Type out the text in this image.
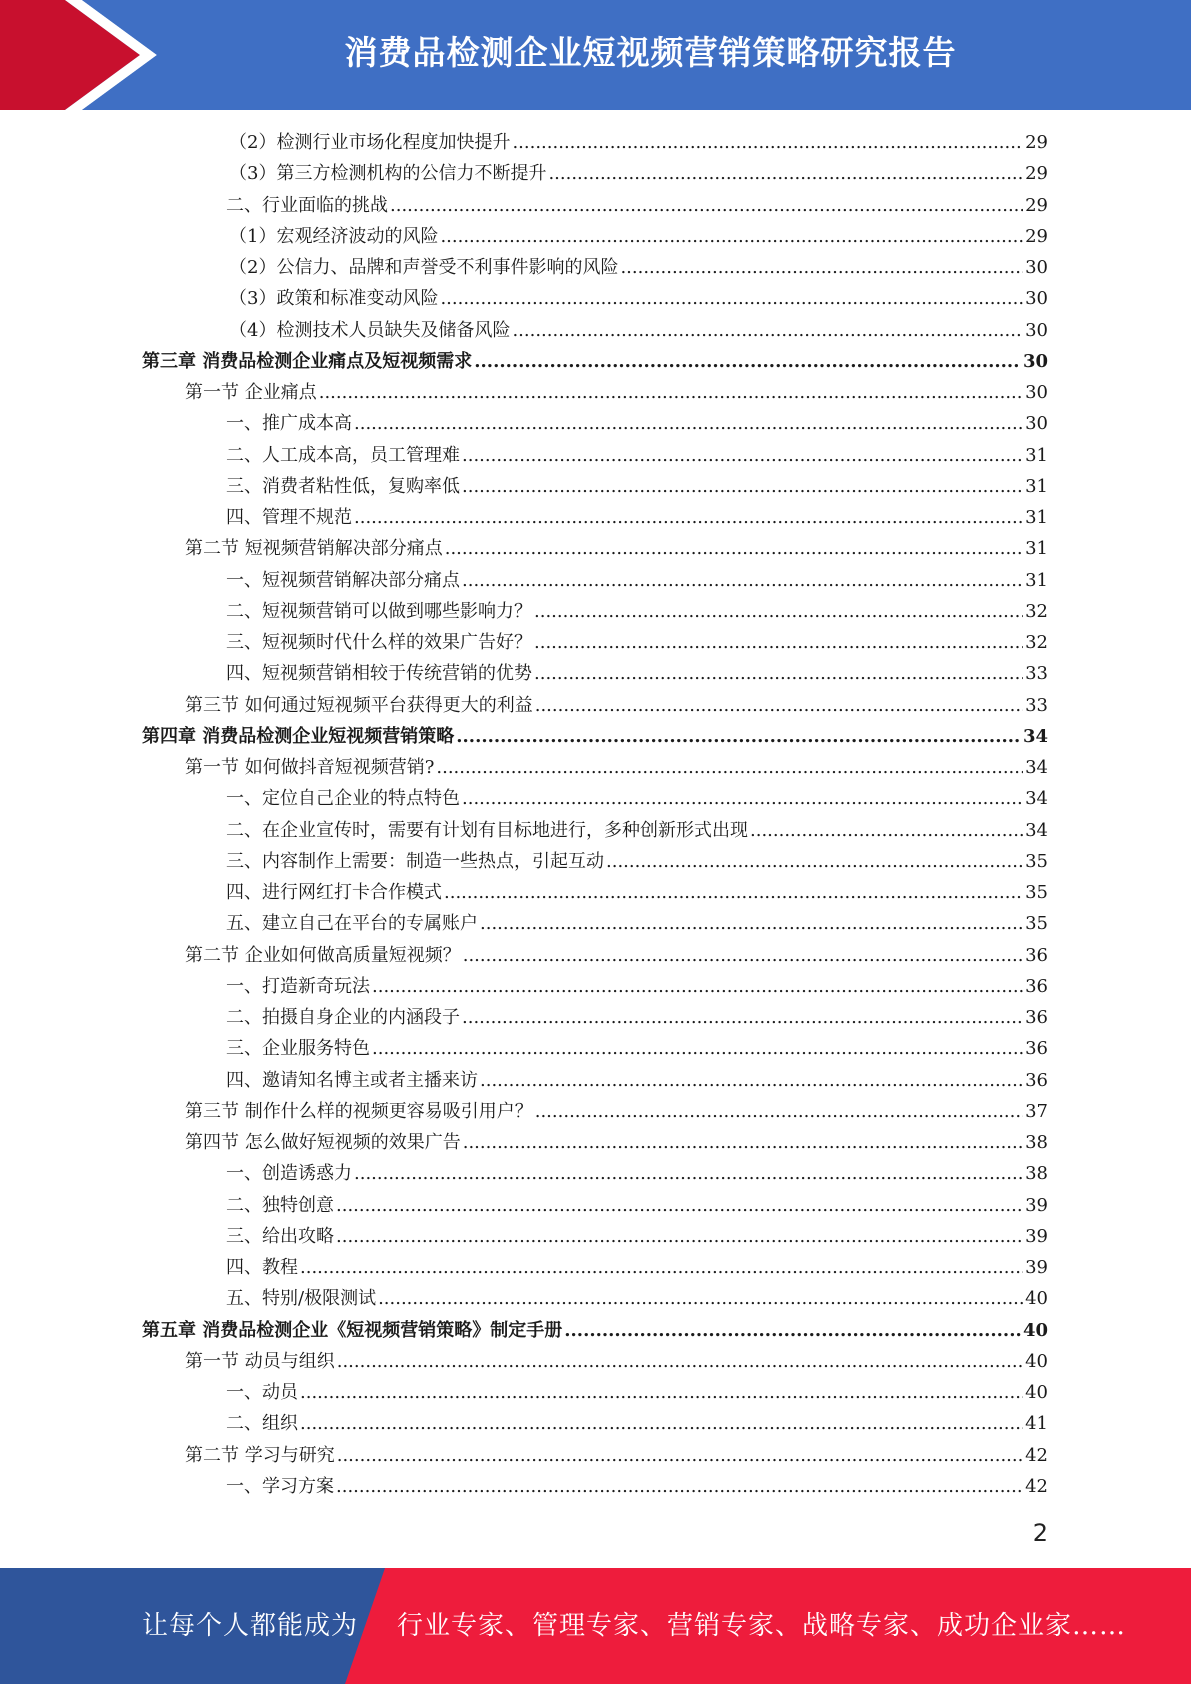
消费品检测企业短视频营销策略研究报告
（2）检测行业市场化程度加快提升 .....	29
（3）第三方检测机构的公信力不断提升 .....	29
二、行业面临的挑战 .....	29
（1）宏观经济波动的风险 .....	29
（2）公信力、品牌和声誉受不利事件影响的风险 .....	30
（3）政策和标准变动风险 .....	30
（4）检测技术人员缺失及储备风险 .....	30
第三章 消费品检测企业痛点及短视频需求 .....	30
第一节 企业痛点 .....	30
一、推广成本高 .....	30
二、人工成本高，员工管理难 .....	31
三、消费者粘性低，复购率低 .....	31
四、管理不规范 .....	31
第二节 短视频营销解决部分痛点 .....	31
一、短视频营销解决部分痛点 .....	31
二、短视频营销可以做到哪些影响力？ .....	32
三、短视频时代什么样的效果广告好？ .....	32
四、短视频营销相较于传统营销的优势 .....	33
第三节 如何通过短视频平台获得更大的利益 .....	33
第四章 消费品检测企业短视频营销策略 .....	34
第一节 如何做抖音短视频营销? .....	34
一、定位自己企业的特点特色 .....	34
二、在企业宣传时，需要有计划有目标地进行，多种创新形式出现 .....	34
三、内容制作上需要：制造一些热点，引起互动 .....	35
四、进行网红打卡合作模式 .....	35
五、建立自己在平台的专属账户 .....	35
第二节 企业如何做高质量短视频？ .....	36
一、打造新奇玩法 .....	36
二、拍摄自身企业的内涵段子 .....	36
三、企业服务特色 .....	36
四、邀请知名博主或者主播来访 .....	36
第三节 制作什么样的视频更容易吸引用户？ .....	37
第四节 怎么做好短视频的效果广告 .....	38
一、创造诱惑力 .....	38
二、独特创意 .....	39
三、给出攻略 .....	39
四、教程 .....	39
五、特别/极限测试 .....	40
第五章 消费品检测企业《短视频营销策略》制定手册 .....	40
第一节 动员与组织 .....	40
一、动员 .....	40
二、组织 .....	41
第二节 学习与研究 .....	42
一、学习方案 .....	42
2
让每个人都能成为 行业专家、管理专家、营销专家、战略专家、成功企业家……
